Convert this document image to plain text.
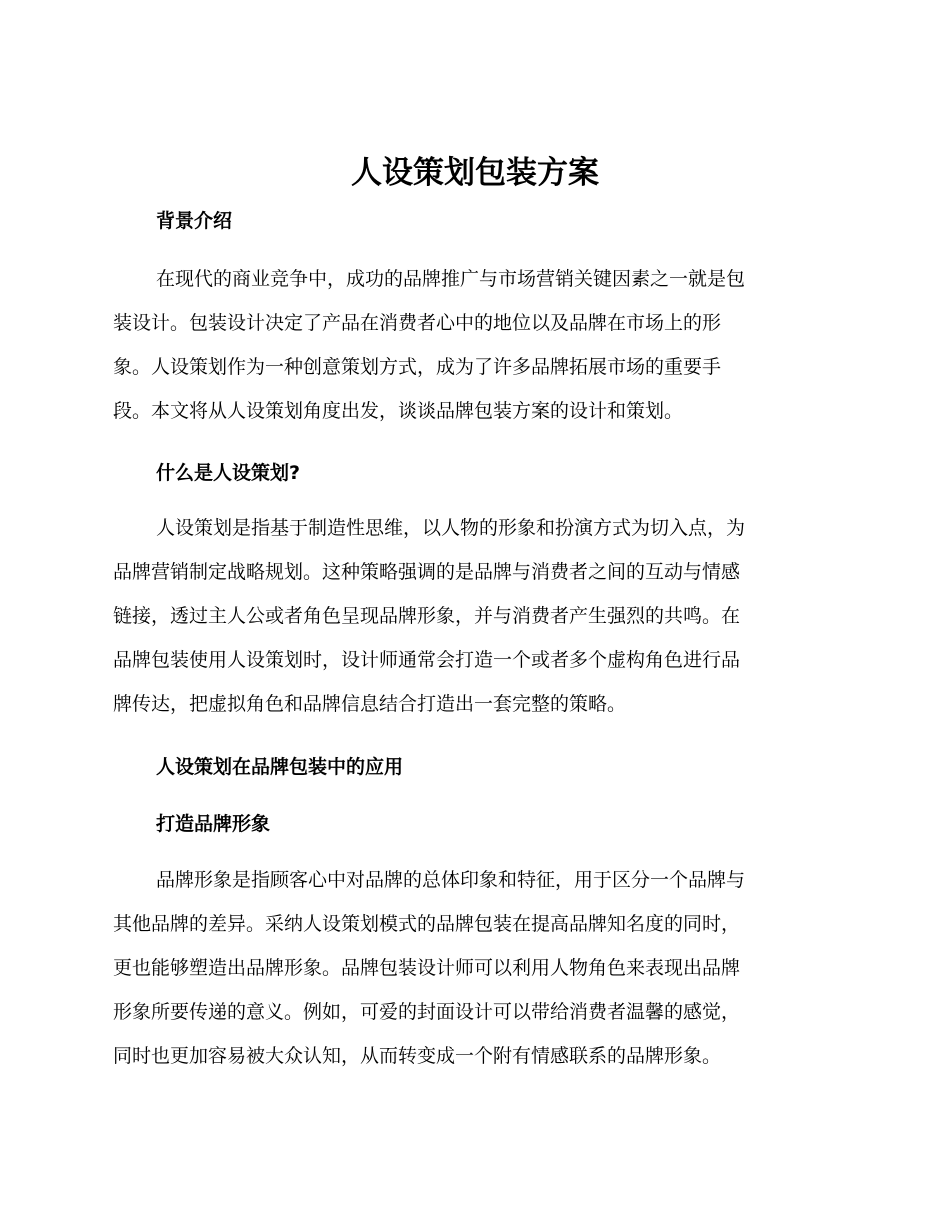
人设策划包装方案
背景介绍
在现代的商业竞争中，成功的品牌推广与市场营销关键因素之一就是包
装设计。包装设计决定了产品在消费者心中的地位以及品牌在市场上的形
象。人设策划作为一种创意策划方式，成为了许多品牌拓展市场的重要手
段。本文将从人设策划角度出发，谈谈品牌包装方案的设计和策划。
什么是人设策划?
人设策划是指基于制造性思维，以人物的形象和扮演方式为切入点，为
品牌营销制定战略规划。这种策略强调的是品牌与消费者之间的互动与情感
链接，透过主人公或者角色呈现品牌形象，并与消费者产生强烈的共鸣。在
品牌包装使用人设策划时，设计师通常会打造一个或者多个虚构角色进行品
牌传达，把虚拟角色和品牌信息结合打造出一套完整的策略。
人设策划在品牌包装中的应用
打造品牌形象
品牌形象是指顾客心中对品牌的总体印象和特征，用于区分一个品牌与
其他品牌的差异。采纳人设策划模式的品牌包装在提高品牌知名度的同时，
更也能够塑造出品牌形象。品牌包装设计师可以利用人物角色来表现出品牌
形象所要传递的意义。例如，可爱的封面设计可以带给消费者温馨的感觉，
同时也更加容易被大众认知，从而转变成一个附有情感联系的品牌形象。
